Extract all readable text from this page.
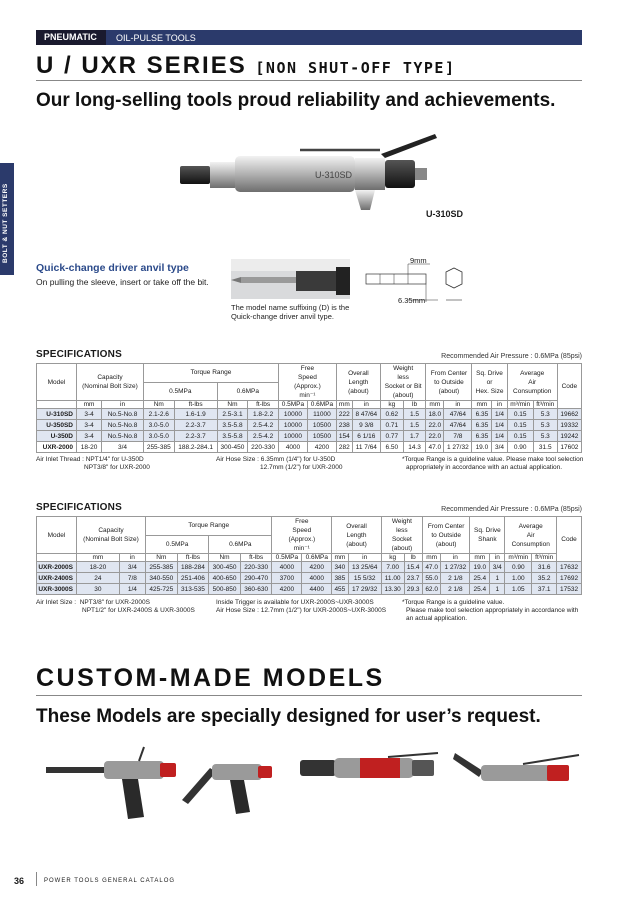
PNEUMATIC	OIL-PULSE TOOLS
U / UXR SERIES [NON SHUT-OFF TYPE]
Our long-selling tools proud reliability and achievements.
BOLT & NUT SETTERS
U-310SD
U-310SD
Quick-change driver anvil type
On pulling the sleeve, insert or take off the bit.
The model name suffixing (D) is the
Quick-change driver anvil type.
9mm
6.35mm
SPECIFICATIONS	Recommended Air Pressure : 0.6MPa (85psi)
Model	Capacity
(Nominal Bolt Size)		Torque Range				Free
Speed
(Approx.)
min⁻¹		Overall
Length
(about)		Weight
less
Socket or Bit
(about)		From Center
to Outside
(about)		Sq. Drive
or
Hex. Size		Average
Air
Consumption		Code
			0.5MPa		0.6MPa														
	mm	in	Nm	ft-lbs	Nm	ft-lbs	0.5MPa	0.6MPa	mm	in	kg	lb	mm	in	mm	in	m³/min	ft³/min	
U-310SD	3-4	No.5-No.8	2.1-2.6	1.6-1.9	2.5-3.1	1.8-2.2	10000	11000	222	8 47/64	0.62	1.5	18.0	47/64	6.35	1/4	0.15	5.3	19662
U-350SD	3-4	No.5-No.8	3.0-5.0	2.2-3.7	3.5-5.8	2.5-4.2	10000	10500	238	9 3/8	0.71	1.5	22.0	47/64	6.35	1/4	0.15	5.3	19332
U-350D	3-4	No.5-No.8	3.0-5.0	2.2-3.7	3.5-5.8	2.5-4.2	10000	10500	154	6 1/16	0.77	1.7	22.0	7/8	6.35	1/4	0.15	5.3	19242
UXR-2000	18-20	3/4	255-385	188.2-284.1	300-450	220-330	4000	4200	282	11 7/64	6.50	14.3	47.0	1 27/32	19.0	3/4	0.90	31.5	17602
Air Inlet Thread : NPT1/4" for U-350D
NPT3/8" for UXR-2000
Air Hose Size : 6.35mm (1/4") for U-350D
12.7mm (1/2") for UXR-2000
*Torque Range is a guideline value. Please make tool selection
appropriately in accordance with an actual application.
SPECIFICATIONS	Recommended Air Pressure : 0.6MPa (85psi)
Model	Capacity
(Nominal Bolt Size)		Torque Range				Free
Speed
(Approx.)
min⁻¹		Overall
Length
(about)		Weight
less
Socket
(about)		From Center
to Outside
(about)		Sq. Drive
Shank		Average
Air
Consumption		Code
			0.5MPa		0.6MPa														
	mm	in	Nm	ft-lbs	Nm	ft-lbs	0.5MPa	0.6MPa	mm	in	kg	lb	mm	in	mm	in	m³/min	ft³/min	
UXR-2000S	18-20	3/4	255-385	188-284	300-450	220-330	4000	4200	340	13 25/64	7.00	15.4	47.0	1 27/32	19.0	3/4	0.90	31.6	17632
UXR-2400S	24	7/8	340-550	251-406	400-650	290-470	3700	4000	385	15 5/32	11.00	23.7	55.0	2 1/8	25.4	1	1.00	35.2	17692
UXR-3000S	30	1/4	425-725	313-535	500-850	360-630	4200	4400	455	17 29/32	13.30	29.3	62.0	2 1/8	25.4	1	1.05	37.1	17532
Air Inlet Size :  NPT3/8" for UXR-2000S
NPT1/2" for UXR-2400S & UXR-3000S
Inside Trigger is available for UXR-2000S~UXR-3000S
Air Hose Size : 12.7mm (1/2") for UXR-2000S~UXR-3000S
*Torque Range is a guideline value.
Please make tool selection appropriately in accordance with
an actual application.
CUSTOM-MADE MODELS
These Models are specially designed for user’s request.
36	POWER TOOLS GENERAL CATALOG
